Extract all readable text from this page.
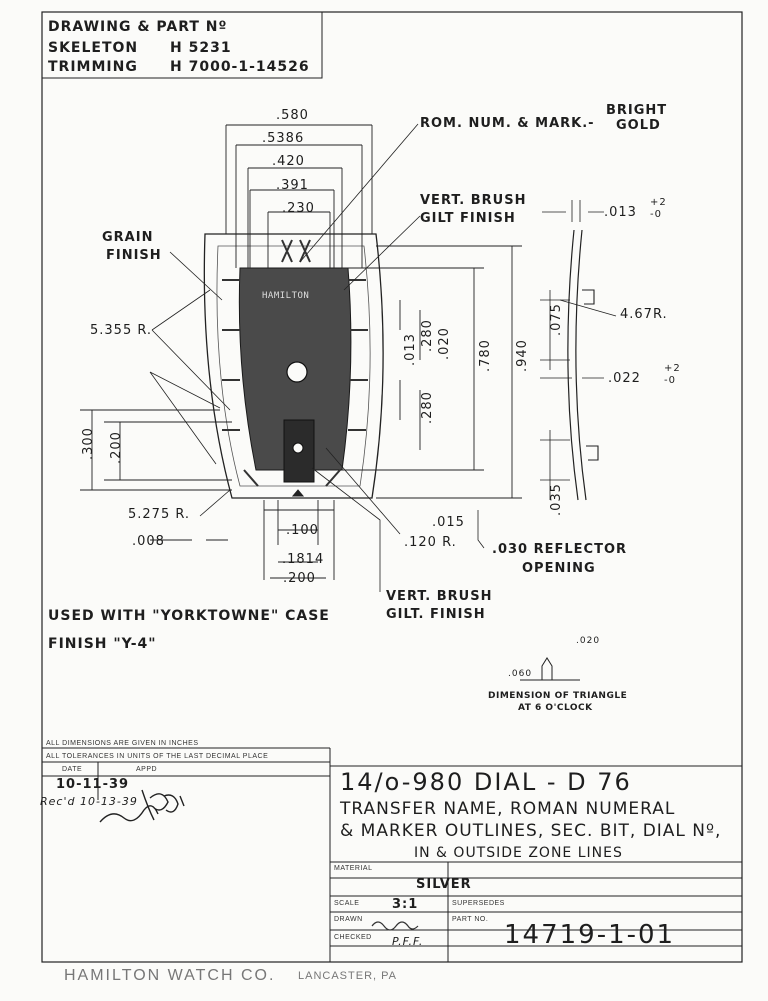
DRAWING & PART Nº
SKELETON H 5231
TRIMMING H 7000-1-14526
.580
.5386
.420
.391
.230
ROM. NUM. & MARK.-
BRIGHT
GOLD
VERT. BRUSH
GILT FINISH
GRAIN
FINISH
HAMILTON
5.355 R.
5.275 R.
.120 R.
4.67R.
.013 .280 .020
.280
.780 .940
.300 .200
.008
.100
.1814
.200
.015
.030 REFLECTOR
OPENING
VERT. BRUSH
GILT. FINISH
.013
+2
-0
.075
.022
+2
-0
.035
USED WITH "YORKTOWNE" CASE
FINISH "Y-4"	.020
.060
DIMENSION OF TRIANGLE
AT 6 O'CLOCK
ALL DIMENSIONS ARE GIVEN IN INCHES
ALL TOLERANCES IN UNITS OF THE LAST DECIMAL PLACE
DATE	APPD
10-11-39
Rec'd 10-13-39
14/o-980 DIAL - D 76
TRANSFER NAME, ROMAN NUMERAL
& MARKER OUTLINES, SEC. BIT, DIAL Nº,
IN & OUTSIDE ZONE LINES
MATERIAL
SILVER
SCALE	3:1	SUPERSEDES
DRAWN
CHECKED P.F.F.
PART NO.
14719-1-01
HAMILTON WATCH CO. LANCASTER, PA
